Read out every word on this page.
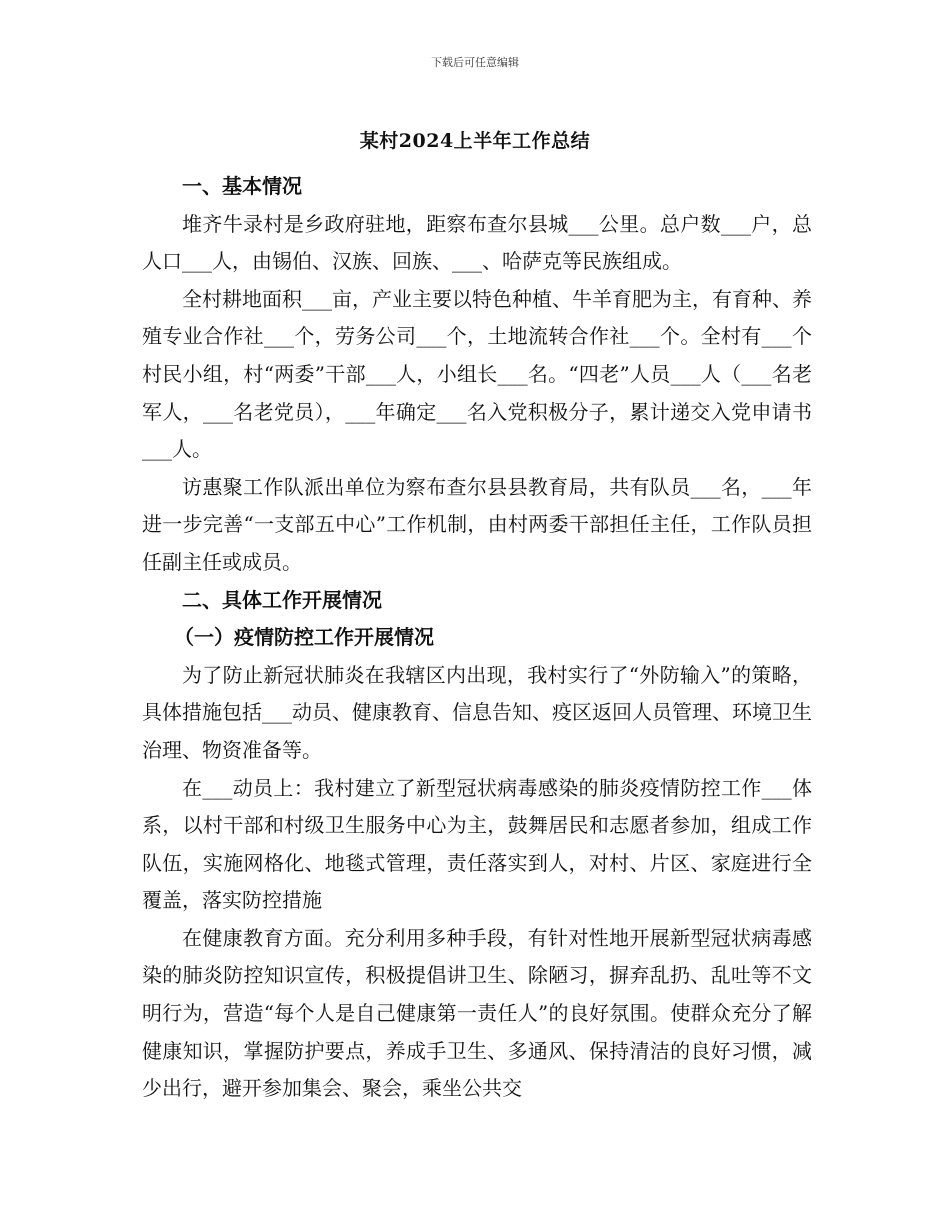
下载后可任意编辑
某村2024上半年工作总结
一、基本情况

堆齐牛录村是乡政府驻地，距察布查尔县城___公里。总户数___户，总人口___人，由锡伯、汉族、回族、___、哈萨克等民族组成。

全村耕地面积___亩，产业主要以特色种植、牛羊育肥为主，有育种、养殖专业合作社___个，劳务公司___个，土地流转合作社___个。全村有___个村民小组，村“两委”干部___人，小组长___名。“四老”人员___人（___名老军人，___名老党员），___年确定___名入党积极分子，累计递交入党申请书___人。

访惠聚工作队派出单位为察布查尔县县教育局，共有队员___名，___年进一步完善“一支部五中心”工作机制，由村两委干部担任主任，工作队员担任副主任或成员。

二、具体工作开展情况
（一）疫情防控工作开展情况

为了防止新冠状肺炎在我辖区内出现，我村实行了“外防输入”的策略，具体措施包括___动员、健康教育、信息告知、疫区返回人员管理、环境卫生治理、物资准备等。

在___动员上：我村建立了新型冠状病毒感染的肺炎疫情防控工作___体系，以村干部和村级卫生服务中心为主，鼓舞居民和志愿者参加，组成工作队伍，实施网格化、地毯式管理，责任落实到人，对村、片区、家庭进行全覆盖，落实防控措施

在健康教育方面。充分利用多种手段，有针对性地开展新型冠状病毒感染的肺炎防控知识宣传，积极提倡讲卫生、除陋习，摒弃乱扔、乱吐等不文明行为，营造“每个人是自己健康第一责任人”的良好氛围。使群众充分了解健康知识，掌握防护要点，养成手卫生、多通风、保持清洁的良好习惯，减少出行，避开参加集会、聚会，乘坐公共交
